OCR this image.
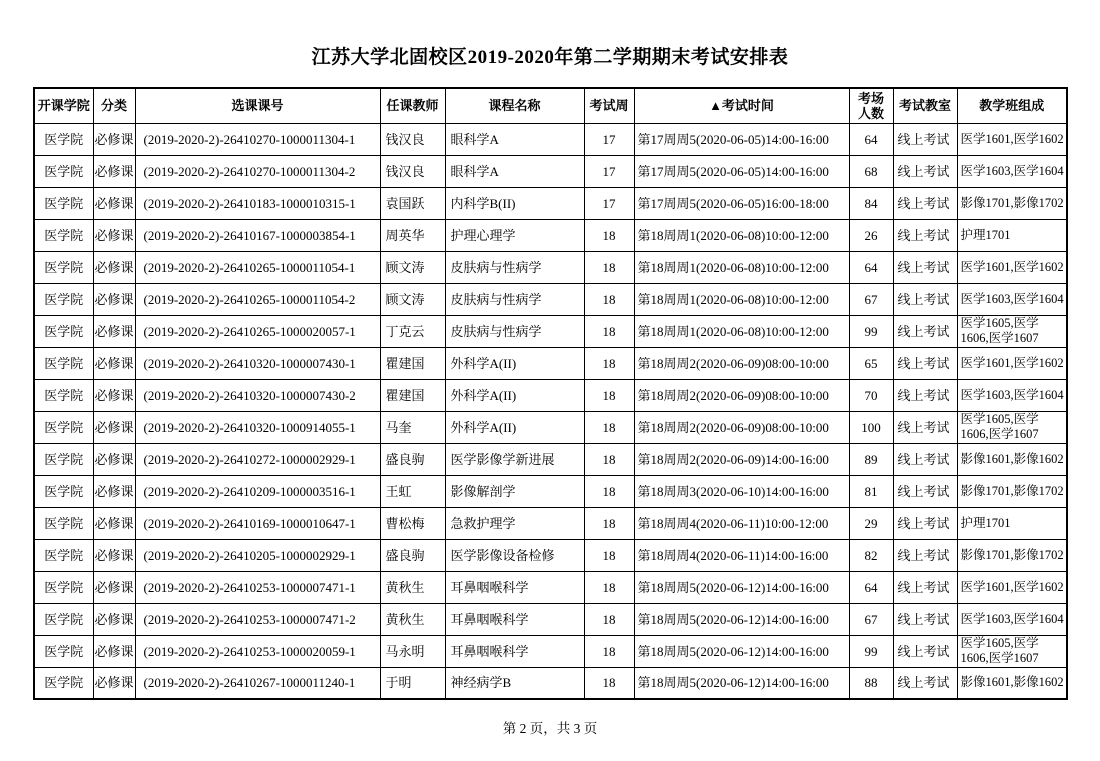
江苏大学北固校区2019-2020年第二学期期末考试安排表
开课学院	分类	选课课号	任课教师	课程名称	考试周	▲考试时间	考场人数	考试教室	教学班组成
医学院	必修课	(2019-2020-2)-26410270-1000011304-1	钱汉良	眼科学A	17	第17周周5(2020-06-05)14:00-16:00	64	线上考试	医学1601,医学1602
医学院	必修课	(2019-2020-2)-26410270-1000011304-2	钱汉良	眼科学A	17	第17周周5(2020-06-05)14:00-16:00	68	线上考试	医学1603,医学1604
医学院	必修课	(2019-2020-2)-26410183-1000010315-1	袁国跃	内科学B(II)	17	第17周周5(2020-06-05)16:00-18:00	84	线上考试	影像1701,影像1702
医学院	必修课	(2019-2020-2)-26410167-1000003854-1	周英华	护理心理学	18	第18周周1(2020-06-08)10:00-12:00	26	线上考试	护理1701
医学院	必修课	(2019-2020-2)-26410265-1000011054-1	顾文涛	皮肤病与性病学	18	第18周周1(2020-06-08)10:00-12:00	64	线上考试	医学1601,医学1602
医学院	必修课	(2019-2020-2)-26410265-1000011054-2	顾文涛	皮肤病与性病学	18	第18周周1(2020-06-08)10:00-12:00	67	线上考试	医学1603,医学1604
医学院	必修课	(2019-2020-2)-26410265-1000020057-1	丁克云	皮肤病与性病学	18	第18周周1(2020-06-08)10:00-12:00	99	线上考试	医学1605,医学1606,医学1607
医学院	必修课	(2019-2020-2)-26410320-1000007430-1	瞿建国	外科学A(II)	18	第18周周2(2020-06-09)08:00-10:00	65	线上考试	医学1601,医学1602
医学院	必修课	(2019-2020-2)-26410320-1000007430-2	瞿建国	外科学A(II)	18	第18周周2(2020-06-09)08:00-10:00	70	线上考试	医学1603,医学1604
医学院	必修课	(2019-2020-2)-26410320-1000914055-1	马奎	外科学A(II)	18	第18周周2(2020-06-09)08:00-10:00	100	线上考试	医学1605,医学1606,医学1607
医学院	必修课	(2019-2020-2)-26410272-1000002929-1	盛良驹	医学影像学新进展	18	第18周周2(2020-06-09)14:00-16:00	89	线上考试	影像1601,影像1602
医学院	必修课	(2019-2020-2)-26410209-1000003516-1	王虹	影像解剖学	18	第18周周3(2020-06-10)14:00-16:00	81	线上考试	影像1701,影像1702
医学院	必修课	(2019-2020-2)-26410169-1000010647-1	曹松梅	急救护理学	18	第18周周4(2020-06-11)10:00-12:00	29	线上考试	护理1701
医学院	必修课	(2019-2020-2)-26410205-1000002929-1	盛良驹	医学影像设备检修	18	第18周周4(2020-06-11)14:00-16:00	82	线上考试	影像1701,影像1702
医学院	必修课	(2019-2020-2)-26410253-1000007471-1	黄秋生	耳鼻咽喉科学	18	第18周周5(2020-06-12)14:00-16:00	64	线上考试	医学1601,医学1602
医学院	必修课	(2019-2020-2)-26410253-1000007471-2	黄秋生	耳鼻咽喉科学	18	第18周周5(2020-06-12)14:00-16:00	67	线上考试	医学1603,医学1604
医学院	必修课	(2019-2020-2)-26410253-1000020059-1	马永明	耳鼻咽喉科学	18	第18周周5(2020-06-12)14:00-16:00	99	线上考试	医学1605,医学1606,医学1607
医学院	必修课	(2019-2020-2)-26410267-1000011240-1	于明	神经病学B	18	第18周周5(2020-06-12)14:00-16:00	88	线上考试	影像1601,影像1602
第 2 页，共 3 页
